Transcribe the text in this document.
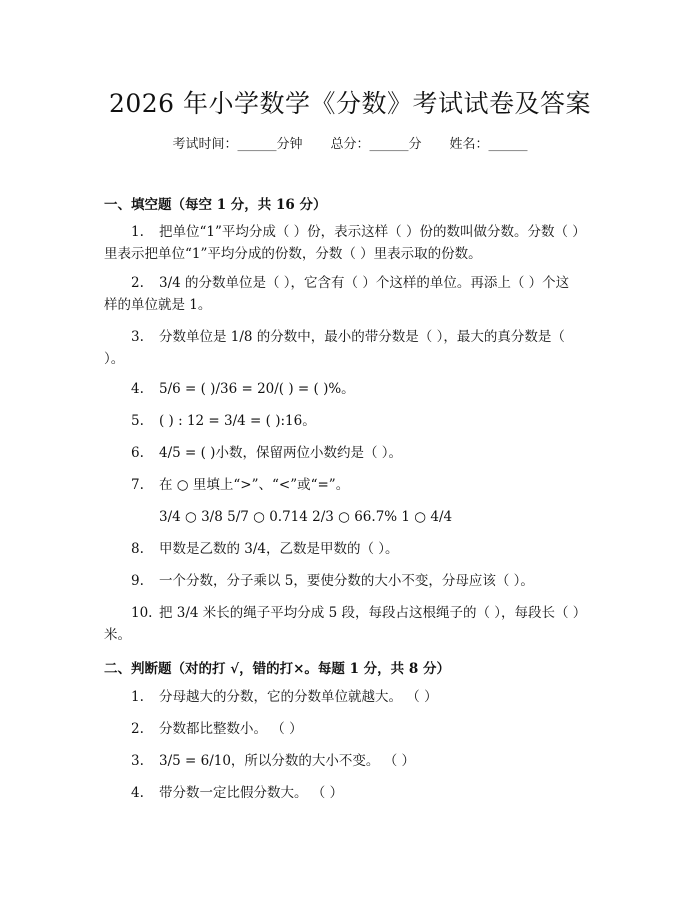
2026 年小学数学《分数》考试试卷及答案
考试时间：______分钟 总分：______分 姓名：______
一、填空题（每空 1 分，共 16 分）

1. 把单位“1”平均分成（ ）份，表示这样（ ）份的数叫做分数。分数（ ）里表示把单位“1”平均分成的份数，分数（ ）里表示取的份数。

2. 3/4 的分数单位是（ ），它含有（ ）个这样的单位。再添上（ ）个这样的单位就是 1。

3. 分数单位是 1/8 的分数中，最小的带分数是（ ），最大的真分数是（ ）。

4. 5/6 = ( )/36 = 20/( ) = ( )%。

5. ( ) : 12 = 3/4 = ( ):16。

6. 4/5 = ( )小数，保留两位小数约是（ ）。

7. 在 ○ 里填上“>”、“<”或“=”。

3/4 ○ 3/8 5/7 ○ 0.714 2/3 ○ 66.7% 1 ○ 4/4

8. 甲数是乙数的 3/4，乙数是甲数的（ ）。

9. 一个分数，分子乘以 5，要使分数的大小不变，分母应该（ ）。

10. 把 3/4 米长的绳子平均分成 5 段，每段占这根绳子的（ ），每段长（ ）米。

二、判断题（对的打 √，错的打×。每题 1 分，共 8 分）

1. 分母越大的分数，它的分数单位就越大。 （ ）

2. 分数都比整数小。 （ ）

3. 3/5 = 6/10，所以分数的大小不变。 （ ）

4. 带分数一定比假分数大。 （ ）
